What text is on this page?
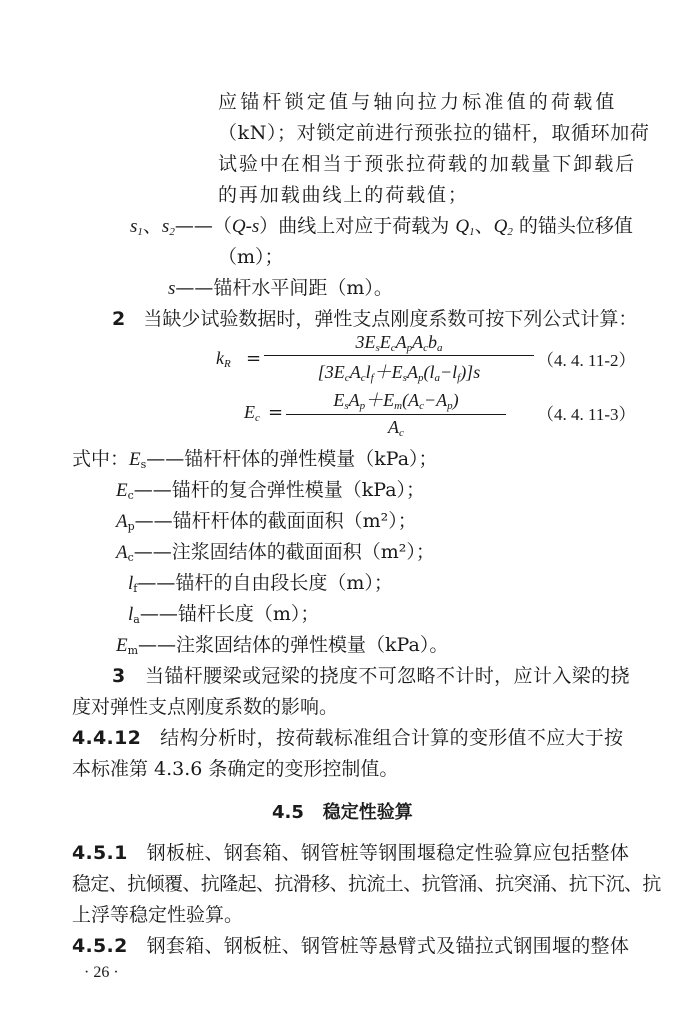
应锚杆锁定值与轴向拉力标准值的荷载值
（kN）；对锁定前进行预张拉的锚杆，取循环加荷
试验中在相当于预张拉荷载的加载量下卸载后
的再加载曲线上的荷载值；
$s_1$、$s_2——(Q-s)$曲线上对应于荷载为 $Q_1$、$Q_2$ 的锚头位移值
（m）；
s——锚杆水平间距（m）。
2 当缺少试验数据时，弹性支点刚度系数可按下列公式计算：
$k_R$ =
$3E_sE_cA_pA_cb_a$
$[3E_cA_cl_f+E_sA_p(l_a-l_f)]s$
（4. 4. 11-2）
$E_c$ =
$E_sA_p+E_m(A_c-A_p)$
$A_c$
（4. 4. 11-3）
式中：$E_s——$锚杆杆体的弹性模量（kPa）；
$E_c——$锚杆的复合弹性模量（kPa）；
$A_p——$锚杆杆体的截面面积（m²）；
$A_c——$注浆固结体的截面面积（m²）；
$l_f——$锚杆的自由段长度（m）；
$l_a——$锚杆长度（m）；
$E_m——$注浆固结体的弹性模量（kPa）。
3 当锚杆腰梁或冠梁的挠度不可忽略不计时，应计入梁的挠
度对弹性支点刚度系数的影响。
4.4.12 结构分析时，按荷载标准组合计算的变形值不应大于按
本标准第 4.3.6 条确定的变形控制值。
4.5 稳定性验算
4.5.1 钢板桩、钢套箱、钢管桩等钢围堰稳定性验算应包括整体
稳定、抗倾覆、抗隆起、抗滑移、抗流土、抗管涌、抗突涌、抗下沉、抗
上浮等稳定性验算。
4.5.2 钢套箱、钢板桩、钢管桩等悬臂式及锚拉式钢围堰的整体
· 26 ·
